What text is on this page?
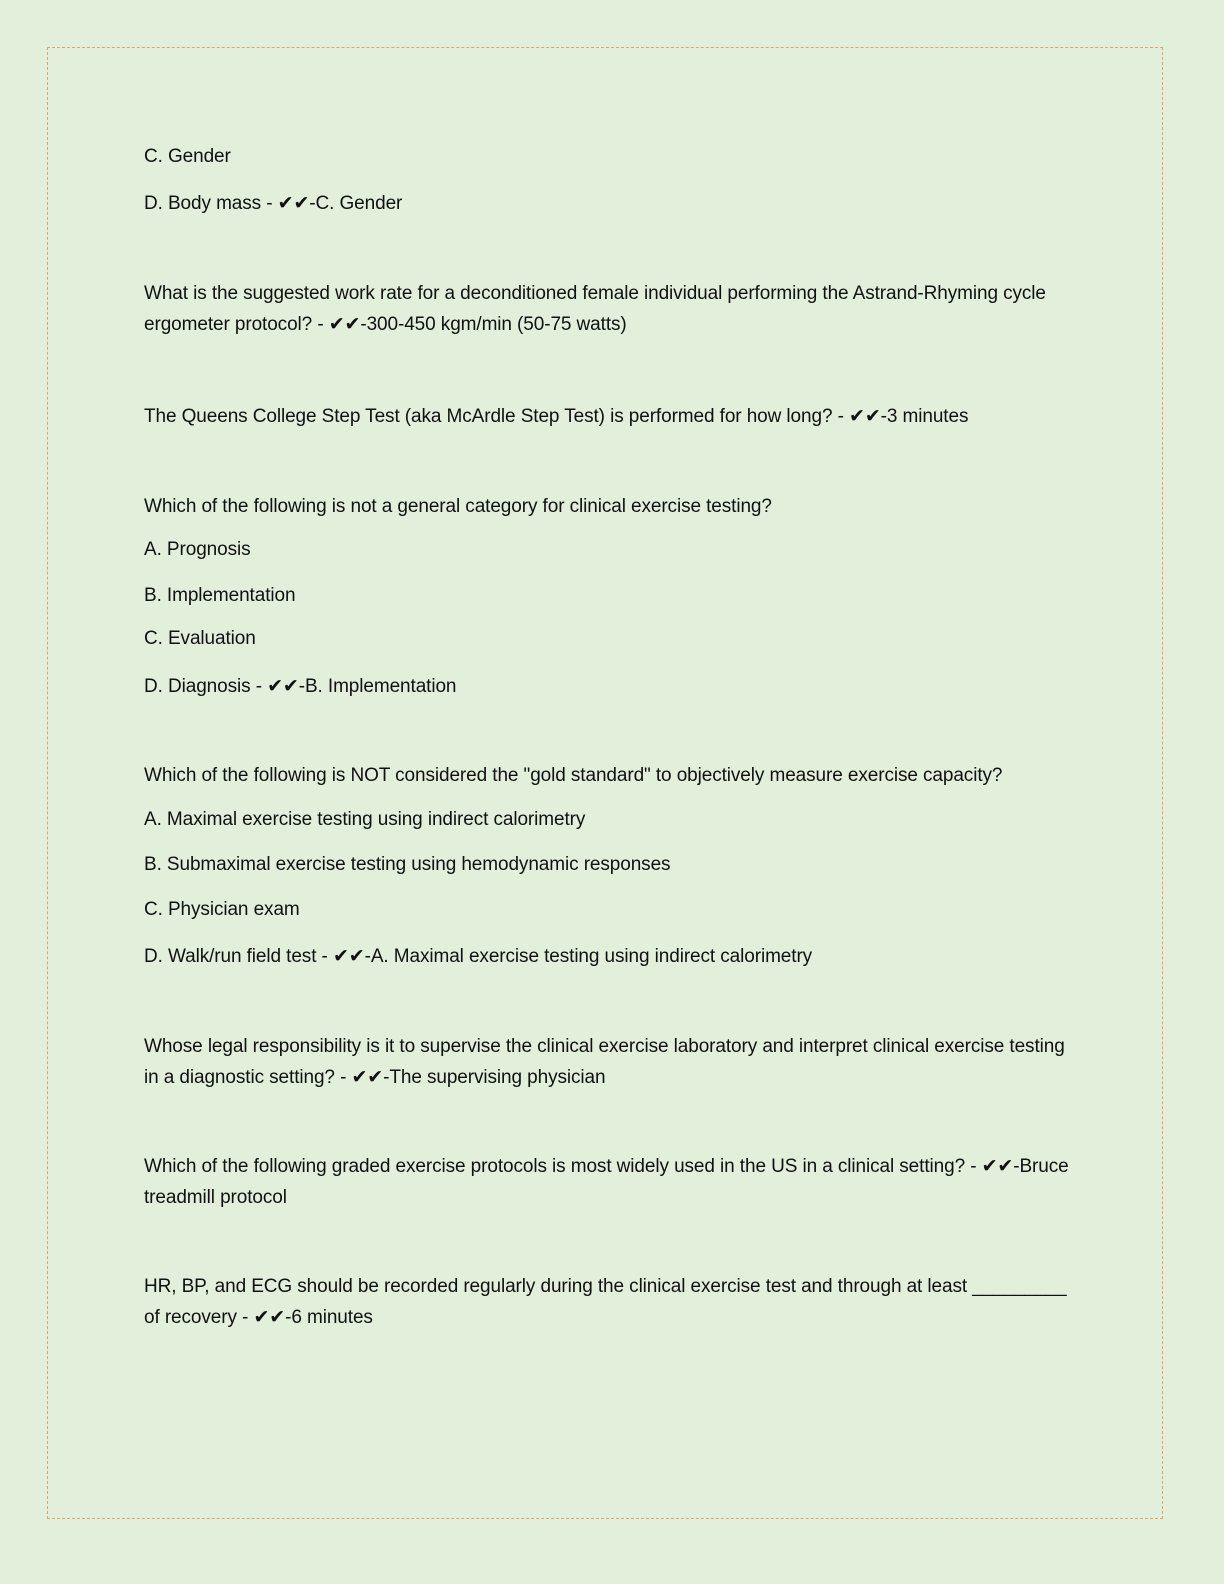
C. Gender

D. Body mass - ✔✔-C. Gender

What is the suggested work rate for a deconditioned female individual performing the Astrand-Rhyming cycle ergometer protocol? - ✔✔-300-450 kgm/min (50-75 watts)

The Queens College Step Test (aka McArdle Step Test) is performed for how long? - ✔✔-3 minutes

Which of the following is not a general category for clinical exercise testing?

A. Prognosis

B. Implementation

C. Evaluation

D. Diagnosis - ✔✔-B. Implementation

Which of the following is NOT considered the "gold standard" to objectively measure exercise capacity?

A. Maximal exercise testing using indirect calorimetry

B. Submaximal exercise testing using hemodynamic responses

C. Physician exam

D. Walk/run field test - ✔✔-A. Maximal exercise testing using indirect calorimetry

Whose legal responsibility is it to supervise the clinical exercise laboratory and interpret clinical exercise testing in a diagnostic setting? - ✔✔-The supervising physician

Which of the following graded exercise protocols is most widely used in the US in a clinical setting? - ✔✔-Bruce treadmill protocol

HR, BP, and ECG should be recorded regularly during the clinical exercise test and through at least _________ of recovery - ✔✔-6 minutes
